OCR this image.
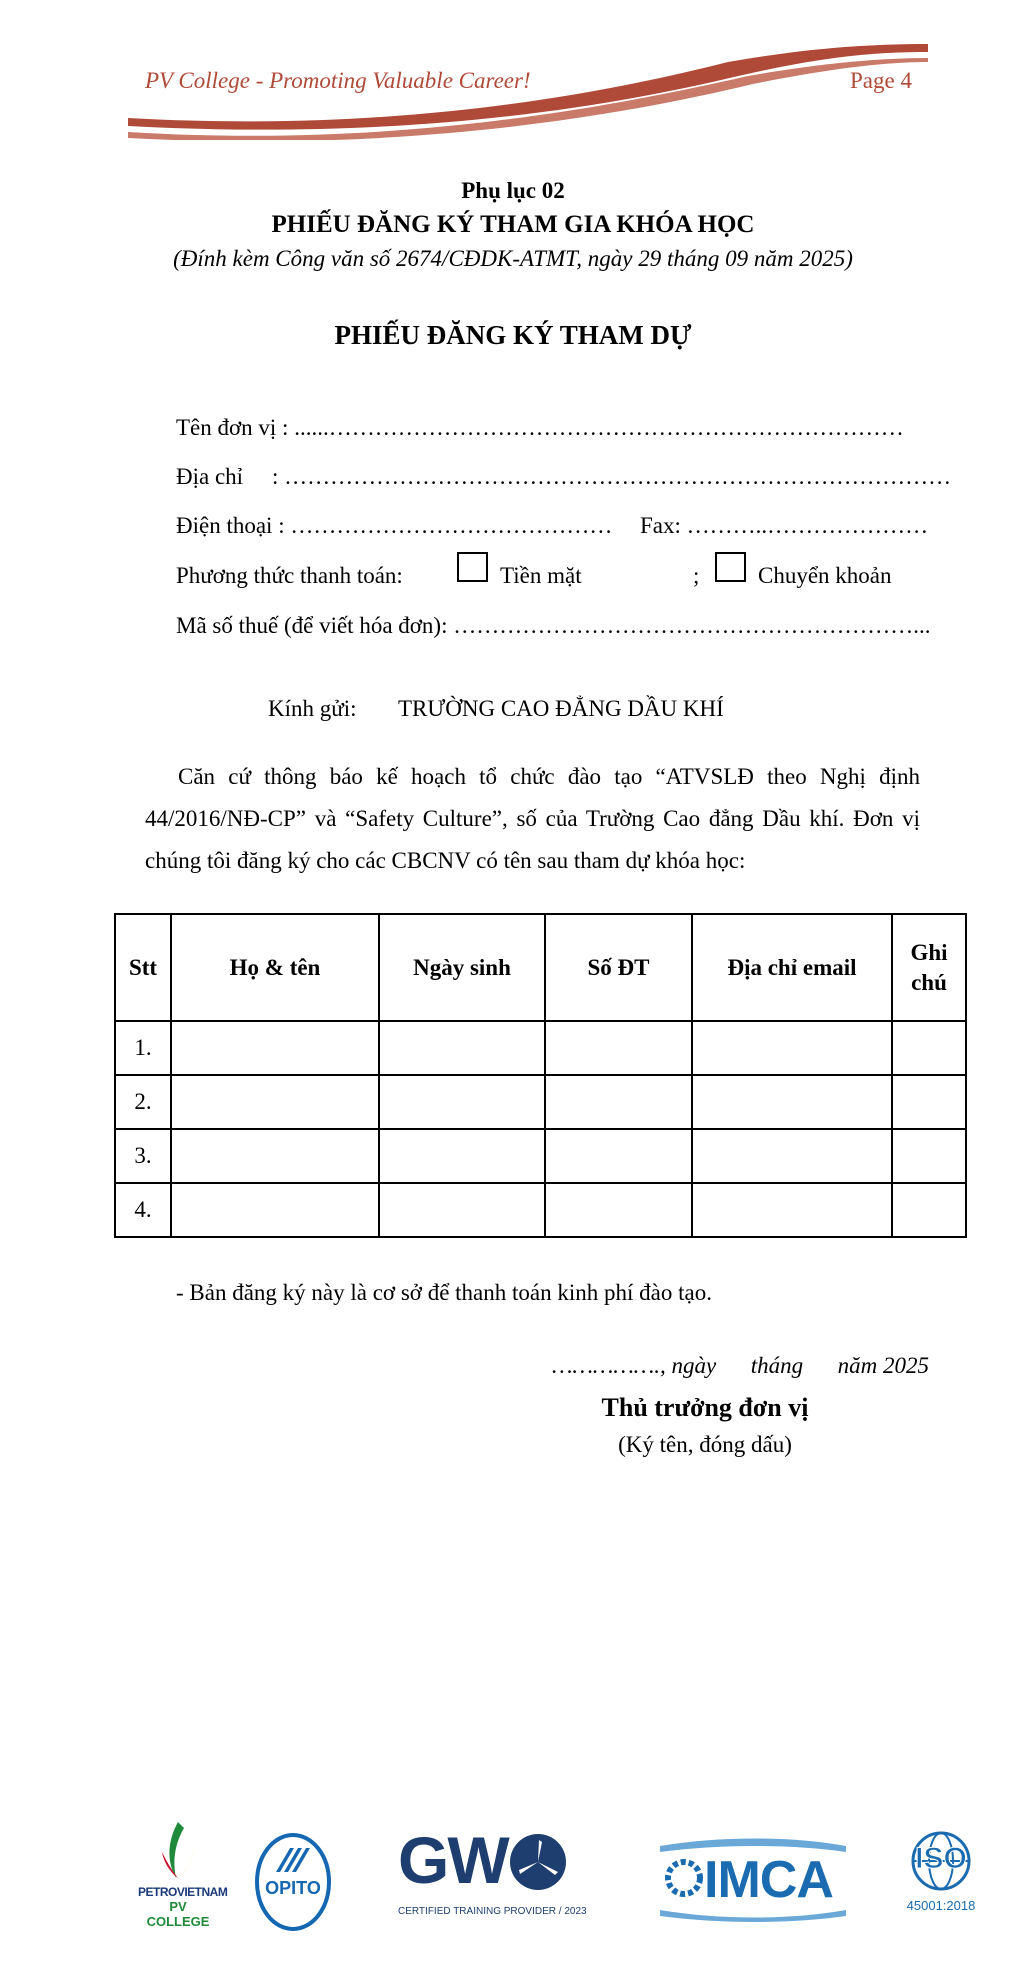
PV College - Promoting Valuable Career!	Page 4
Phụ lục 02
PHIẾU ĐĂNG KÝ THAM GIA KHÓA HỌC
(Đính kèm Công văn số 2674/CĐDK-ATMT, ngày 29 tháng 09 năm 2025)
PHIẾU ĐĂNG KÝ THAM DỰ
Tên đơn vị : ......…………………………………………………………………
Địa chỉ : ……………………………………………………………………………
Điện thoại : …………………………………… Fax: ………..…………………
Phương thức thanh toán:	Tiền mặt	;	Chuyển khoản
Mã số thuế (để viết hóa đơn): ……………………………………………………...
Kính gửi: TRƯỜNG CAO ĐẲNG DẦU KHÍ
Căn cứ thông báo kế hoạch tổ chức đào tạo “ATVSLĐ theo Nghị định 44/2016/NĐ-CP” và “Safety Culture”, số của Trường Cao đẳng Dầu khí. Đơn vị chúng tôi đăng ký cho các CBCNV có tên sau tham dự khóa học:
Stt	Họ & tên	Ngày sinh	Số ĐT	Địa chỉ email	Ghi chú
1.					
2.					
3.					
4.					
- Bản đăng ký này là cơ sở để thanh toán kinh phí đào tạo.
……………., ngày      tháng      năm 2025
Thủ trưởng đơn vị
(Ký tên, đóng dấu)
PETROVIETNAM
PV COLLEGE
OPITO GW
CERTIFIED TRAINING PROVIDER / 2023
IMCA	ISO
45001:2018
